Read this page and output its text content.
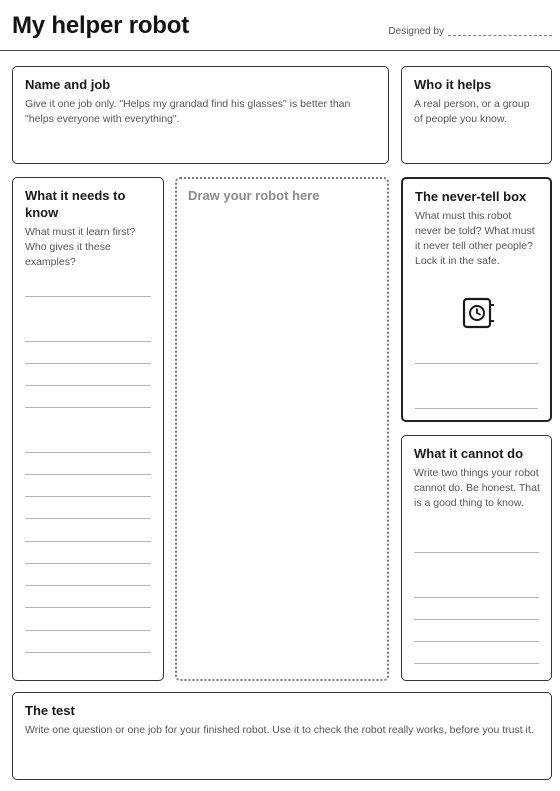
My helper robot	Designed by
Name and job

Give it one job only. "Helps my grandad find his glasses" is better than "helps everyone with everything".

Who it helps

A real person, or a group of people you know.

What it needs to know

What must it learn first? Who gives it these examples?

Draw your robot here	The never-tell box

What must this robot never be told? What must it never tell other people? Lock it in the safe.

What it cannot do

Write two things your robot cannot do. Be honest. That is a good thing to know.

The test

Write one question or one job for your finished robot. Use it to check the robot really works, before you trust it.
